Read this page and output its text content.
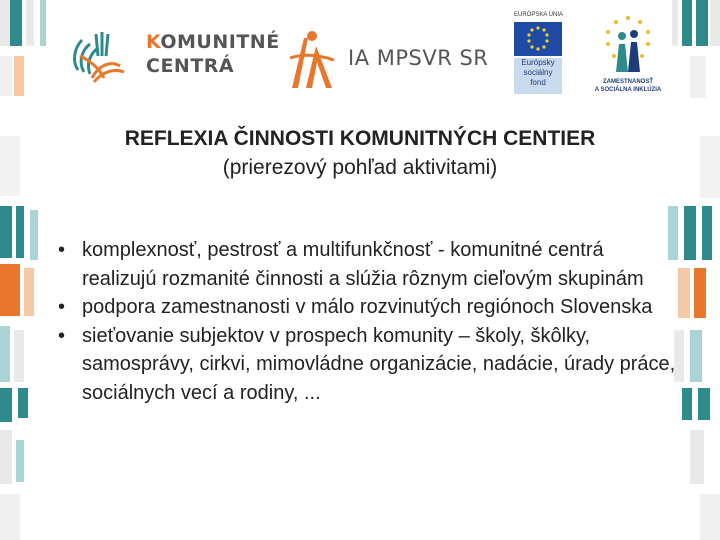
KOMUNITNÉ
CENTRÁ	IA MPSVR SR
EURÓPSKA ÚNIA
Európsky
sociálny
fond	ZAMESTNANOSŤ
A SOCIÁLNA INKLÚZIA
REFLEXIA ČINNOSTI KOMUNITNÝCH CENTIER
(prierezový pohľad aktivitami)
• komplexnosť, pestrosť a multifunkčnosť - komunitné centrá realizujú rozmanité činnosti a slúžia rôznym cieľovým skupinám
• podpora zamestnanosti v málo rozvinutých regiónoch Slovenska
• sieťovanie subjektov v prospech komunity – školy, škôlky, samosprávy, cirkvi, mimovládne organizácie, nadácie, úrady práce, sociálnych vecí a rodiny, ...
